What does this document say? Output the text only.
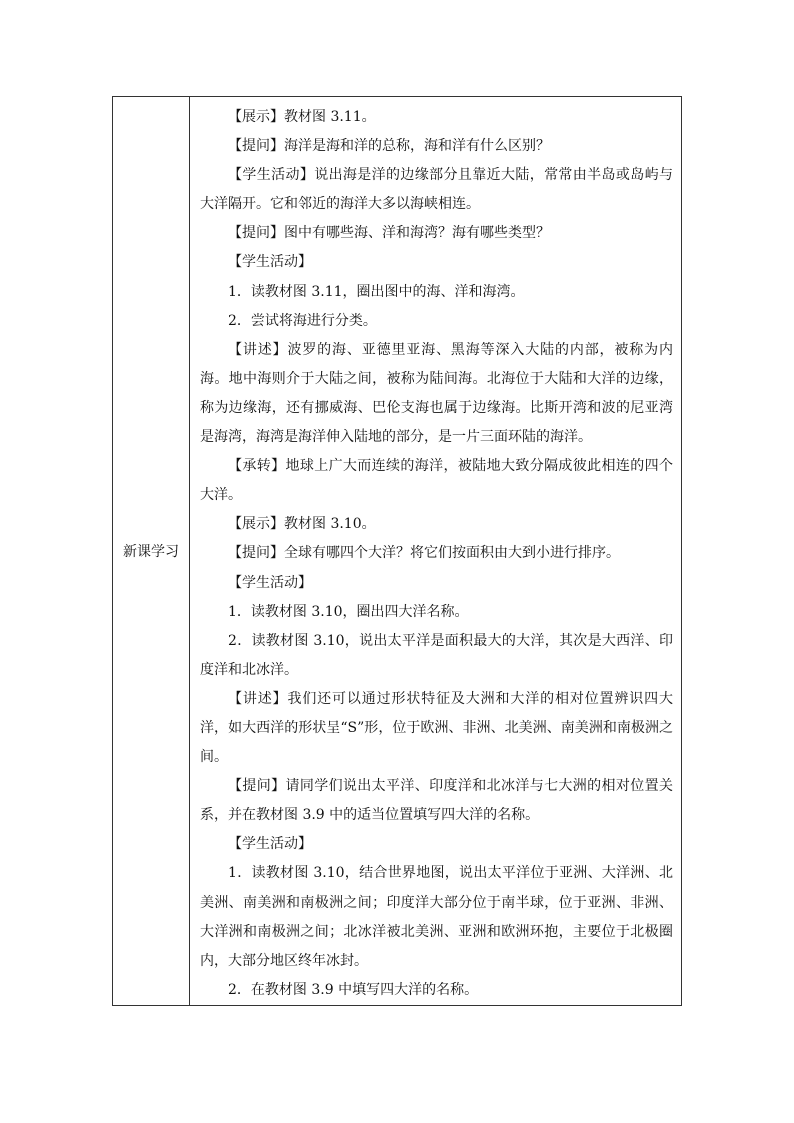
新课学习	

【展示】教材图 3.11。

【提问】海洋是海和洋的总称，海和洋有什么区别？

【学生活动】说出海是洋的边缘部分且靠近大陆，常常由半岛或岛屿与大洋隔开。它和邻近的海洋大多以海峡相连。

【提问】图中有哪些海、洋和海湾？海有哪些类型？

【学生活动】

1．读教材图 3.11，圈出图中的海、洋和海湾。

2．尝试将海进行分类。

【讲述】波罗的海、亚德里亚海、黑海等深入大陆的内部，被称为内海。地中海则介于大陆之间，被称为陆间海。北海位于大陆和大洋的边缘，称为边缘海，还有挪威海、巴伦支海也属于边缘海。比斯开湾和波的尼亚湾是海湾，海湾是海洋伸入陆地的部分，是一片三面环陆的海洋。

【承转】地球上广大而连续的海洋，被陆地大致分隔成彼此相连的四个大洋。

【展示】教材图 3.10。

【提问】全球有哪四个大洋？将它们按面积由大到小进行排序。

【学生活动】

1．读教材图 3.10，圈出四大洋名称。

2．读教材图 3.10，说出太平洋是面积最大的大洋，其次是大西洋、印度洋和北冰洋。

【讲述】我们还可以通过形状特征及大洲和大洋的相对位置辨识四大洋，如大西洋的形状呈“S”形，位于欧洲、非洲、北美洲、南美洲和南极洲之间。

【提问】请同学们说出太平洋、印度洋和北冰洋与七大洲的相对位置关系，并在教材图 3.9 中的适当位置填写四大洋的名称。

【学生活动】

1．读教材图 3.10，结合世界地图，说出太平洋位于亚洲、大洋洲、北美洲、南美洲和南极洲之间；印度洋大部分位于南半球，位于亚洲、非洲、大洋洲和南极洲之间；北冰洋被北美洲、亚洲和欧洲环抱，主要位于北极圈内，大部分地区终年冰封。

2．在教材图 3.9 中填写四大洋的名称。
